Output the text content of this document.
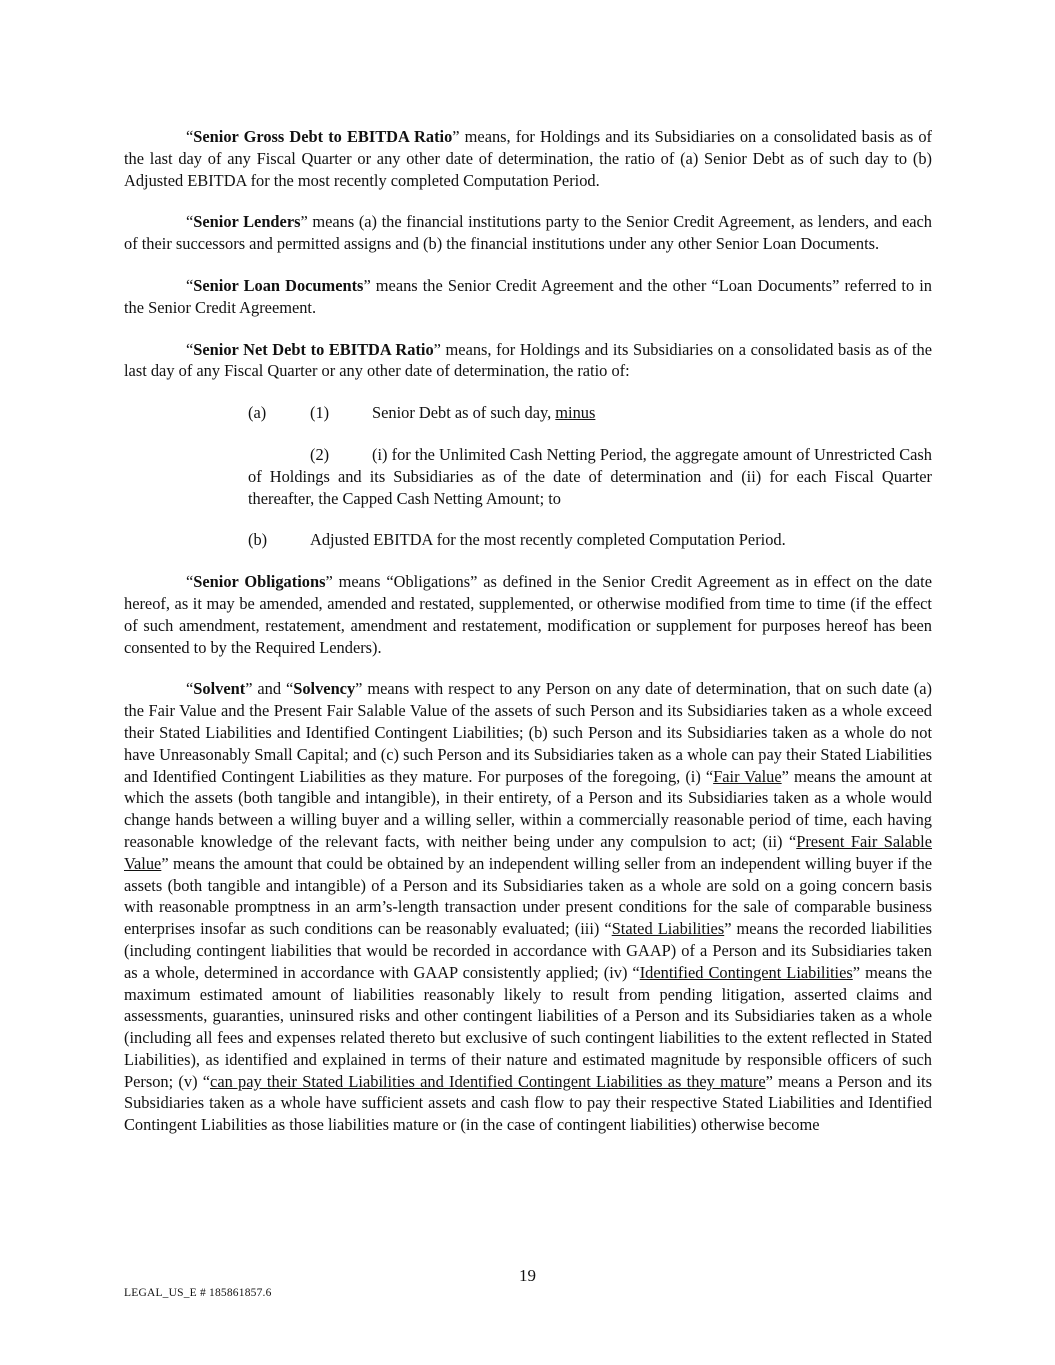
“Senior Gross Debt to EBITDA Ratio” means, for Holdings and its Subsidiaries on a consolidated basis as of the last day of any Fiscal Quarter or any other date of determination, the ratio of (a) Senior Debt as of such day to (b) Adjusted EBITDA for the most recently completed Computation Period.

“Senior Lenders” means (a) the financial institutions party to the Senior Credit Agreement, as lenders, and each of their successors and permitted assigns and (b) the financial institutions under any other Senior Loan Documents.

“Senior Loan Documents” means the Senior Credit Agreement and the other “Loan Documents” referred to in the Senior Credit Agreement.

“Senior Net Debt to EBITDA Ratio” means, for Holdings and its Subsidiaries on a consolidated basis as of the last day of any Fiscal Quarter or any other date of determination, the ratio of:

(a)	(1)	Senior Debt as of such day, minus
(2)	(i) for the Unlimited Cash Netting Period, the aggregate amount of Unrestricted Cash of Holdings and its Subsidiaries as of the date of determination and (ii) for each Fiscal Quarter thereafter, the Capped Cash Netting Amount; to
(b)	Adjusted EBITDA for the most recently completed Computation Period.

“Senior Obligations” means “Obligations” as defined in the Senior Credit Agreement as in effect on the date hereof, as it may be amended, amended and restated, supplemented, or otherwise modified from time to time (if the effect of such amendment, restatement, amendment and restatement, modification or supplement for purposes hereof has been consented to by the Required Lenders).

“Solvent” and “Solvency” means with respect to any Person on any date of determination, that on such date (a) the Fair Value and the Present Fair Salable Value of the assets of such Person and its Subsidiaries taken as a whole exceed their Stated Liabilities and Identified Contingent Liabilities; (b) such Person and its Subsidiaries taken as a whole do not have Unreasonably Small Capital; and (c) such Person and its Subsidiaries taken as a whole can pay their Stated Liabilities and Identified Contingent Liabilities as they mature. For purposes of the foregoing, (i) “Fair Value” means the amount at which the assets (both tangible and intangible), in their entirety, of a Person and its Subsidiaries taken as a whole would change hands between a willing buyer and a willing seller, within a commercially reasonable period of time, each having reasonable knowledge of the relevant facts, with neither being under any compulsion to act; (ii) “Present Fair Salable Value” means the amount that could be obtained by an independent willing seller from an independent willing buyer if the assets (both tangible and intangible) of a Person and its Subsidiaries taken as a whole are sold on a going concern basis with reasonable promptness in an arm’s-length transaction under present conditions for the sale of comparable business enterprises insofar as such conditions can be reasonably evaluated; (iii) “Stated Liabilities” means the recorded liabilities (including contingent liabilities that would be recorded in accordance with GAAP) of a Person and its Subsidiaries taken as a whole, determined in accordance with GAAP consistently applied; (iv) “Identified Contingent Liabilities” means the maximum estimated amount of liabilities reasonably likely to result from pending litigation, asserted claims and assessments, guaranties, uninsured risks and other contingent liabilities of a Person and its Subsidiaries taken as a whole (including all fees and expenses related thereto but exclusive of such contingent liabilities to the extent reflected in Stated Liabilities), as identified and explained in terms of their nature and estimated magnitude by responsible officers of such Person; (v) “can pay their Stated Liabilities and Identified Contingent Liabilities as they mature” means a Person and its Subsidiaries taken as a whole have sufficient assets and cash flow to pay their respective Stated Liabilities and Identified Contingent Liabilities as those liabilities mature or (in the case of contingent liabilities) otherwise become

19
LEGAL_US_E # 185861857.6
